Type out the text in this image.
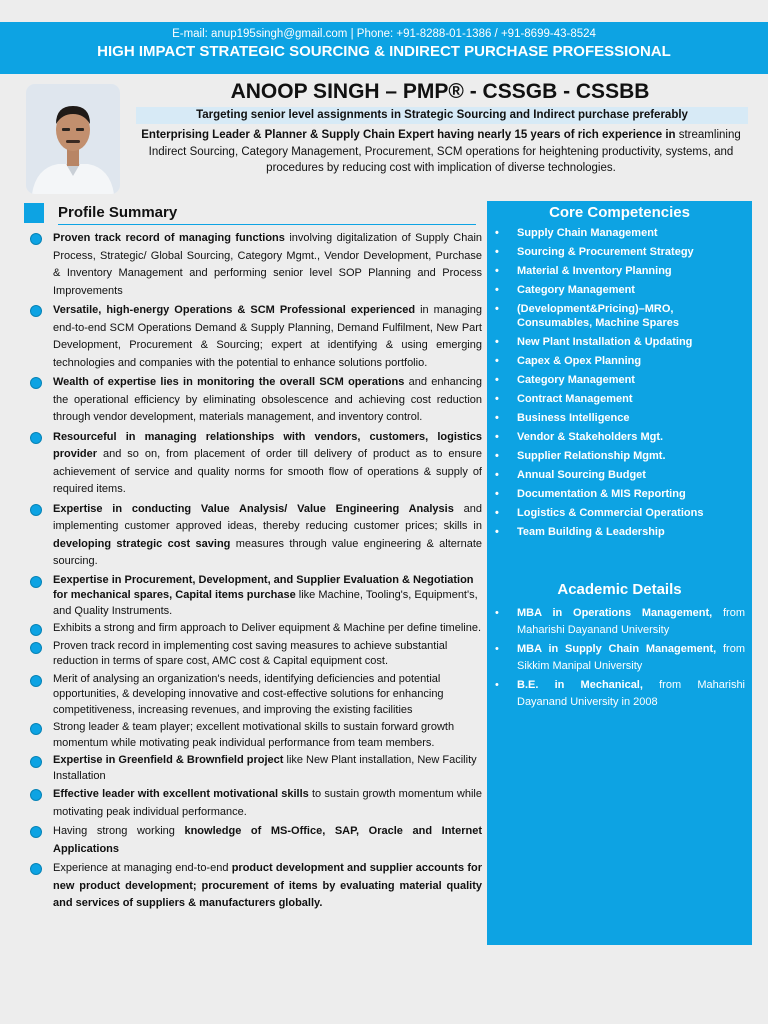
E-mail: anup195singh@gmail.com | Phone: +91-8288-01-1386 / +91-8699-43-8524
HIGH IMPACT STRATEGIC SOURCING & INDIRECT PURCHASE PROFESSIONAL
ANOOP SINGH – PMP® - CSSGB - CSSBB
Targeting senior level assignments in Strategic Sourcing and Indirect purchase preferably
Enterprising Leader & Planner & Supply Chain Expert having nearly 15 years of rich experience in streamlining Indirect Sourcing, Category Management, Procurement, SCM operations for heightening productivity, systems, and procedures by reducing cost with implication of diverse technologies.
Profile Summary
Proven track record of managing functions involving digitalization of Supply Chain Process, Strategic/ Global Sourcing, Category Mgmt., Vendor Development, Purchase & Inventory Management and performing senior level SOP Planning and Process Improvements
Versatile, high-energy Operations & SCM Professional experienced in managing end-to-end SCM Operations Demand & Supply Planning, Demand Fulfilment, New Part Development, Procurement & Sourcing; expert at identifying & using emerging technologies and companies with the potential to enhance solutions portfolio.
Wealth of expertise lies in monitoring the overall SCM operations and enhancing the operational efficiency by eliminating obsolescence and achieving cost reduction through vendor development, materials management, and inventory control.
Resourceful in managing relationships with vendors, customers, logistics provider and so on, from placement of order till delivery of product as to ensure achievement of service and quality norms for smooth flow of operations & supply of required items.
Expertise in conducting Value Analysis/ Value Engineering Analysis and implementing customer approved ideas, thereby reducing customer prices; skills in developing strategic cost saving measures through value engineering & alternate sourcing.
Eexpertise in Procurement, Development, and Supplier Evaluation & Negotiation for mechanical spares, Capital items purchase like Machine, Tooling's, Equipment's, and Quality Instruments.
Exhibits a strong and firm approach to Deliver equipment & Machine per define timeline.
Proven track record in implementing cost saving measures to achieve substantial reduction in terms of spare cost, AMC cost & Capital equipment cost.
Merit of analysing an organization's needs, identifying deficiencies and potential opportunities, & developing innovative and cost-effective solutions for enhancing competitiveness, increasing revenues, and improving the existing facilities
Strong leader & team player; excellent motivational skills to sustain forward growth momentum while motivating peak individual performance from team members.
Expertise in Greenfield & Brownfield project like New Plant installation, New Facility Installation
Effective leader with excellent motivational skills to sustain growth momentum while motivating peak individual performance.
Having strong working knowledge of MS-Office, SAP, Oracle and Internet Applications
Experience at managing end-to-end product development and supplier accounts for new product development; procurement of items by evaluating material quality and services of suppliers & manufacturers globally.
Core Competencies
• Supply Chain Management
• Sourcing & Procurement Strategy
• Material & Inventory Planning
• Category Management
• (Development&Pricing)–MRO, Consumables, Machine Spares
• New Plant Installation & Updating
• Capex & Opex Planning
• Category Management
• Contract Management
• Business Intelligence
• Vendor & Stakeholders Mgt.
• Supplier Relationship Mgmt.
• Annual Sourcing Budget
• Documentation & MIS Reporting
• Logistics & Commercial Operations
• Team Building & Leadership
Academic Details
• MBA in Operations Management, from Maharishi Dayanand University
• MBA in Supply Chain Management, from Sikkim Manipal University
• B.E. in Mechanical, from Maharishi Dayanand University in 2008
